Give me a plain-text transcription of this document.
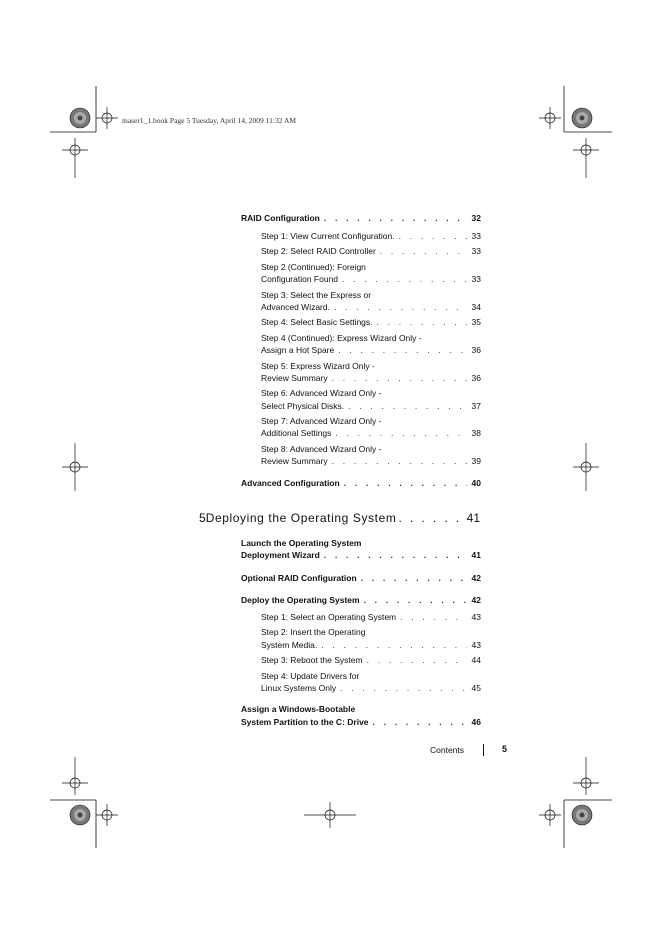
maser1_1.book Page 5 Tuesday, April 14, 2009 11:32 AM
RAID Configuration . . .	32
Step 1: View Current Configuration. . . .	33
Step 2: Select RAID Controller . . .	33
Step 2 (Continued): Foreign
Configuration Found . . .	33
Step 3: Select the Express or
Advanced Wizard. . . .	34
Step 4: Select Basic Settings. . . .	35
Step 4 (Continued): Express Wizard Only -
Assign a Hot Spare . . .	36
Step 5: Express Wizard Only -
Review Summary . . .	36
Step 6: Advanced Wizard Only -
Select Physical Disks. . . .	37
Step 7: Advanced Wizard Only -
Additional Settings . . .	38
Step 8: Advanced Wizard Only -
Review Summary . . .	39
Advanced Configuration . . .	40
5 Deploying the Operating System . . .	41
Launch the Operating System
Deployment Wizard . . .	41
Optional RAID Configuration . . .	42
Deploy the Operating System . . .	42
Step 1: Select an Operating System . . .	43
Step 2: Insert the Operating
System Media. . . .	43
Step 3: Reboot the System . . .	44
Step 4: Update Drivers for
Linux Systems Only . . .	45
Assign a Windows-Bootable
System Partition to the C: Drive . . .	46
Contents	5
